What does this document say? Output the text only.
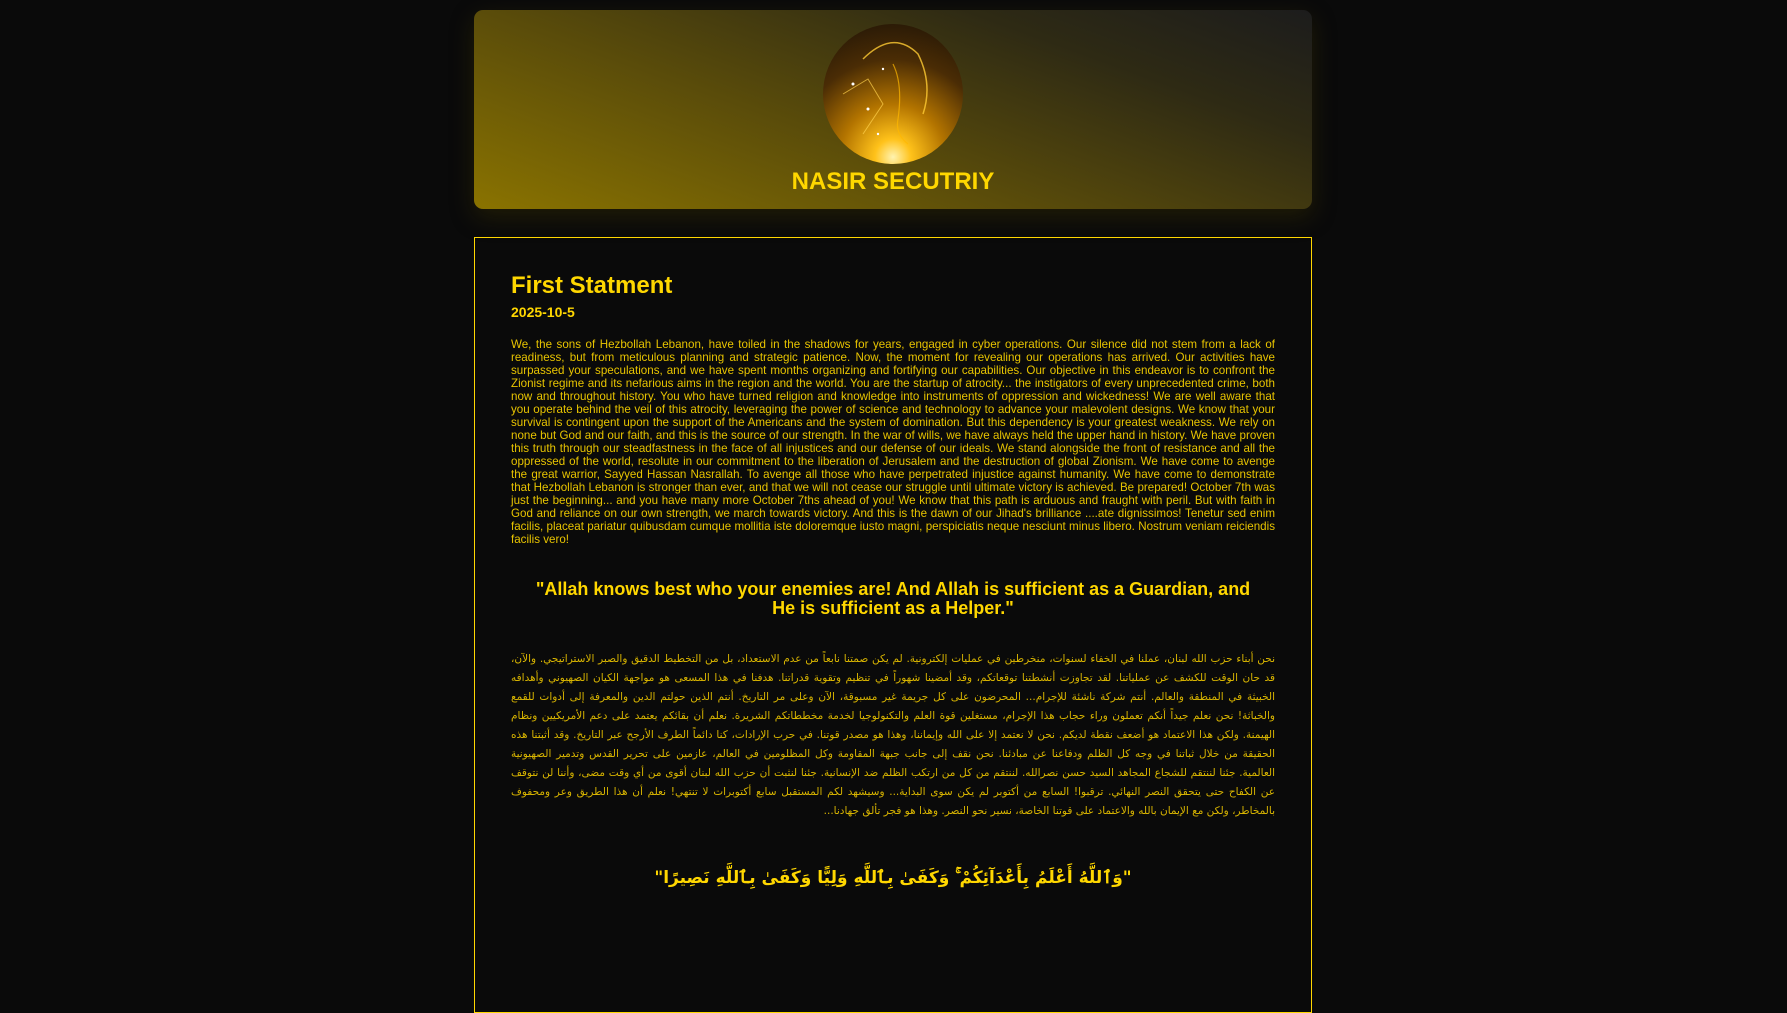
NASIR SECUTRIY
First Statment
2025-10-5
We, the sons of Hezbollah Lebanon, have toiled in the shadows for years, engaged in cyber operations. Our silence did not stem from a lack of readiness, but from meticulous planning and strategic patience. Now, the moment for revealing our operations has arrived. Our activities have surpassed your speculations, and we have spent months organizing and fortifying our capabilities. Our objective in this endeavor is to confront the Zionist regime and its nefarious aims in the region and the world. You are the startup of atrocity... the instigators of every unprecedented crime, both now and throughout history. You who have turned religion and knowledge into instruments of oppression and wickedness! We are well aware that you operate behind the veil of this atrocity, leveraging the power of science and technology to advance your malevolent designs. We know that your survival is contingent upon the support of the Americans and the system of domination. But this dependency is your greatest weakness. We rely on none but God and our faith, and this is the source of our strength. In the war of wills, we have always held the upper hand in history. We have proven this truth through our steadfastness in the face of all injustices and our defense of our ideals. We stand alongside the front of resistance and all the oppressed of the world, resolute in our commitment to the liberation of Jerusalem and the destruction of global Zionism. We have come to avenge the great warrior, Sayyed Hassan Nasrallah. To avenge all those who have perpetrated injustice against humanity. We have come to demonstrate that Hezbollah Lebanon is stronger than ever, and that we will not cease our struggle until ultimate victory is achieved. Be prepared! October 7th was just the beginning... and you have many more October 7ths ahead of you! We know that this path is arduous and fraught with peril. But with faith in God and reliance on our own strength, we march towards victory. And this is the dawn of our Jihad's brilliance ....ate dignissimos! Tenetur sed enim facilis, placeat pariatur quibusdam cumque mollitia iste doloremque iusto magni, perspiciatis neque nesciunt minus libero. Nostrum veniam reiciendis facilis vero!
"Allah knows best who your enemies are! And Allah is sufficient as a Guardian, and He is sufficient as a Helper."
نحن أبناء حزب الله لبنان، عملنا في الخفاء لسنوات، منخرطين في عمليات إلكترونية. لم يكن صمتنا نابعاً من عدم الاستعداد، بل من التخطيط الدقيق والصبر الاستراتيجي. والآن، قد حان الوقت للكشف عن عملياتنا. لقد تجاوزت أنشطتنا توقعاتكم، وقد أمضينا شهوراً في تنظيم وتقوية قدراتنا. هدفنا في هذا المسعى هو مواجهة الكيان الصهيوني وأهدافه الخبيثة في المنطقة والعالم. أنتم شركة ناشئة للإجرام... المحرضون على كل جريمة غير مسبوقة، الآن وعلى مر التاريخ. أنتم الذين حولتم الدين والمعرفة إلى أدوات للقمع والخباثة! نحن نعلم جيداً أنكم تعملون وراء حجاب هذا الإجرام، مستغلين قوة العلم والتكنولوجيا لخدمة مخططاتكم الشريرة. نعلم أن بقائكم يعتمد على دعم الأمريكيين ونظام الهيمنة. ولكن هذا الاعتماد هو أضعف نقطة لديكم. نحن لا نعتمد إلا على الله وإيماننا، وهذا هو مصدر قوتنا. في حرب الإرادات، كنا دائماً الطرف الأرجح عبر التاريخ. وقد أثبتنا هذه الحقيقة من خلال ثباتنا في وجه كل الظلم ودفاعنا عن مبادئنا. نحن نقف إلى جانب جبهة المقاومة وكل المظلومين في العالم، عازمين على تحرير القدس وتدمير الصهيونية العالمية. جئنا لننتقم للشجاع المجاهد السيد حسن نصرالله. لننتقم من كل من ارتكب الظلم ضد الإنسانية. جئنا لنثبت أن حزب الله لبنان أقوى من أي وقت مضى، وأننا لن نتوقف عن الكفاح حتى يتحقق النصر النهائي. ترقبوا! السابع من أكتوبر لم يكن سوى البداية... وسيشهد لكم المستقبل سابع أكتوبرات لا تنتهي! نعلم أن هذا الطريق وعر ومحفوف بالمخاطر، ولكن مع الإيمان بالله والاعتماد على قوتنا الخاصة، نسير نحو النصر. وهذا هو فجر تألق جهادنا...
"وَٱللَّهُ أَعْلَمُ بِأَعْدَآئِكُمْ ۚ وَكَفَىٰ بِٱللَّهِ وَلِيًّا وَكَفَىٰ بِٱللَّهِ نَصِيرًا"
